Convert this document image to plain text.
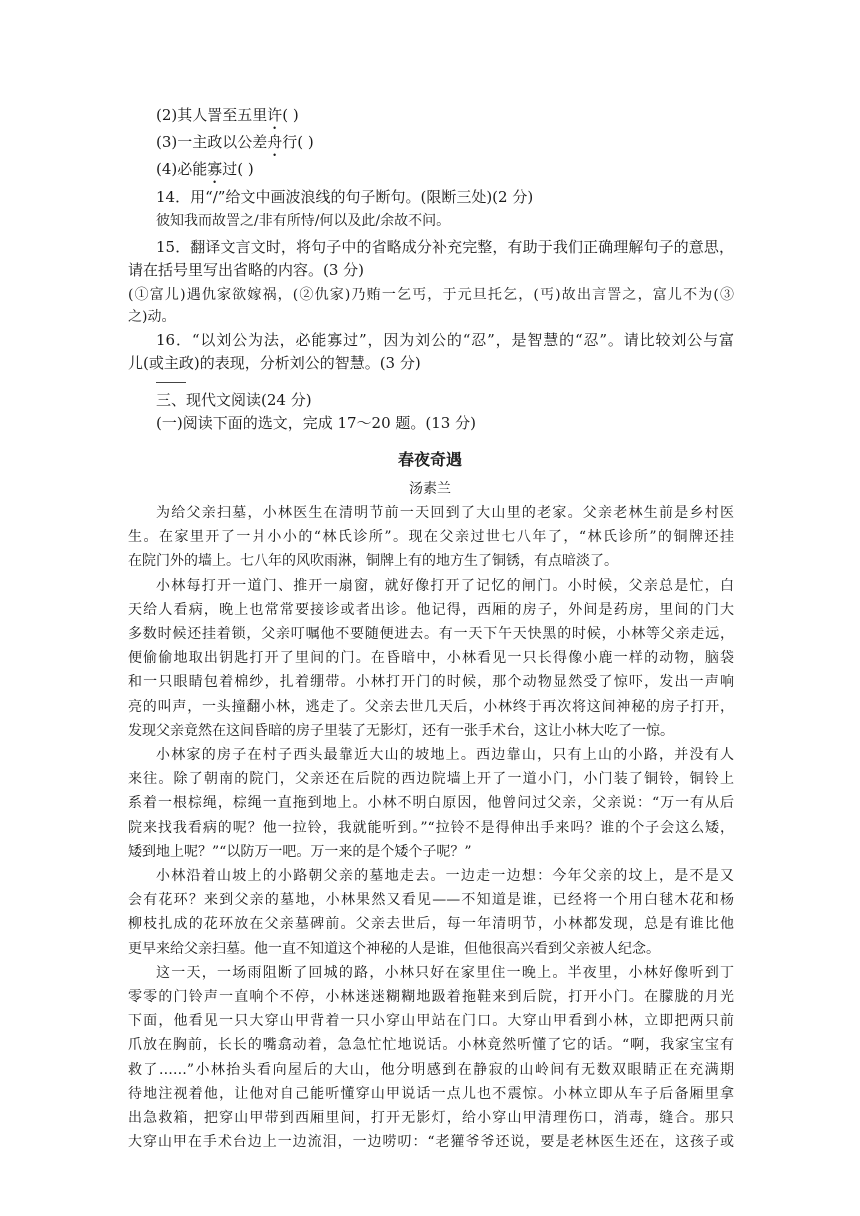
(2)其人詈至五里许( )
(3)一主政以公差舟行( )
(4)必能寡过( )
14．用“/”给文中画波浪线的句子断句。(限断三处)(2 分)
彼知我而故詈之/非有所恃/何以及此/余故不问。
15．翻译文言文时，将句子中的省略成分补充完整，有助于我们正确理解句子的意思，
请在括号里写出省略的内容。(3 分)
(①富儿)遇仇家欲嫁祸，(②仇家)乃贿一乞丐，于元旦托乞，(丐)故出言詈之，富儿不为(③
之)动。
16．“以刘公为法，必能寡过”，因为刘公的“忍”，是智慧的“忍”。请比较刘公与富
儿(或主政)的表现，分析刘公的智慧。(3 分)
三、现代文阅读(24 分)
(一)阅读下面的选文，完成 17～20 题。(13 分)
春夜奇遇
汤素兰
为给父亲扫墓，小林医生在清明节前一天回到了大山里的老家。父亲老林生前是乡村医
生。在家里开了一爿小小的“林氏诊所”。现在父亲过世七八年了，“林氏诊所”的铜牌还挂
在院门外的墙上。七八年的风吹雨淋，铜牌上有的地方生了铜锈，有点暗淡了。
小林每打开一道门、推开一扇窗，就好像打开了记忆的闸门。小时候，父亲总是忙，白
天给人看病，晚上也常常要接诊或者出诊。他记得，西厢的房子，外间是药房，里间的门大
多数时候还挂着锁，父亲叮嘱他不要随便进去。有一天下午天快黑的时候，小林等父亲走远，
便偷偷地取出钥匙打开了里间的门。在昏暗中，小林看见一只长得像小鹿一样的动物，脑袋
和一只眼睛包着棉纱，扎着绷带。小林打开门的时候，那个动物显然受了惊吓，发出一声响
亮的叫声，一头撞翻小林，逃走了。父亲去世几天后，小林终于再次将这间神秘的房子打开，
发现父亲竟然在这间昏暗的房子里装了无影灯，还有一张手术台，这让小林大吃了一惊。
小林家的房子在村子西头最靠近大山的坡地上。西边靠山，只有上山的小路，并没有人
来往。除了朝南的院门，父亲还在后院的西边院墙上开了一道小门，小门装了铜铃，铜铃上
系着一根棕绳，棕绳一直拖到地上。小林不明白原因，他曾问过父亲，父亲说：“万一有从后
院来找我看病的呢？他一拉铃，我就能听到。”“拉铃不是得伸出手来吗？谁的个子会这么矮，
矮到地上呢？”“以防万一吧。万一来的是个矮个子呢？”
小林沿着山坡上的小路朝父亲的墓地走去。一边走一边想：今年父亲的坟上，是不是又
会有花环？来到父亲的墓地，小林果然又看见——不知道是谁，已经将一个用白毬木花和杨
柳枝扎成的花环放在父亲墓碑前。父亲去世后，每一年清明节，小林都发现，总是有谁比他
更早来给父亲扫墓。他一直不知道这个神秘的人是谁，但他很高兴看到父亲被人纪念。
这一天，一场雨阻断了回城的路，小林只好在家里住一晚上。半夜里，小林好像听到丁
零零的门铃声一直响个不停，小林迷迷糊糊地趿着拖鞋来到后院，打开小门。在朦胧的月光
下面，他看见一只大穿山甲背着一只小穿山甲站在门口。大穿山甲看到小林，立即把两只前
爪放在胸前，长长的嘴翕动着，急急忙忙地说话。小林竟然听懂了它的话。“啊，我家宝宝有
救了……”小林抬头看向屋后的大山，他分明感到在静寂的山岭间有无数双眼睛正在充满期
待地注视着他，让他对自己能听懂穿山甲说话一点儿也不震惊。小林立即从车子后备厢里拿
出急救箱，把穿山甲带到西厢里间，打开无影灯，给小穿山甲清理伤口，消毒，缝合。那只
大穿山甲在手术台边上一边流泪，一边唠叨：“老獾爷爷还说，要是老林医生还在，这孩子或
